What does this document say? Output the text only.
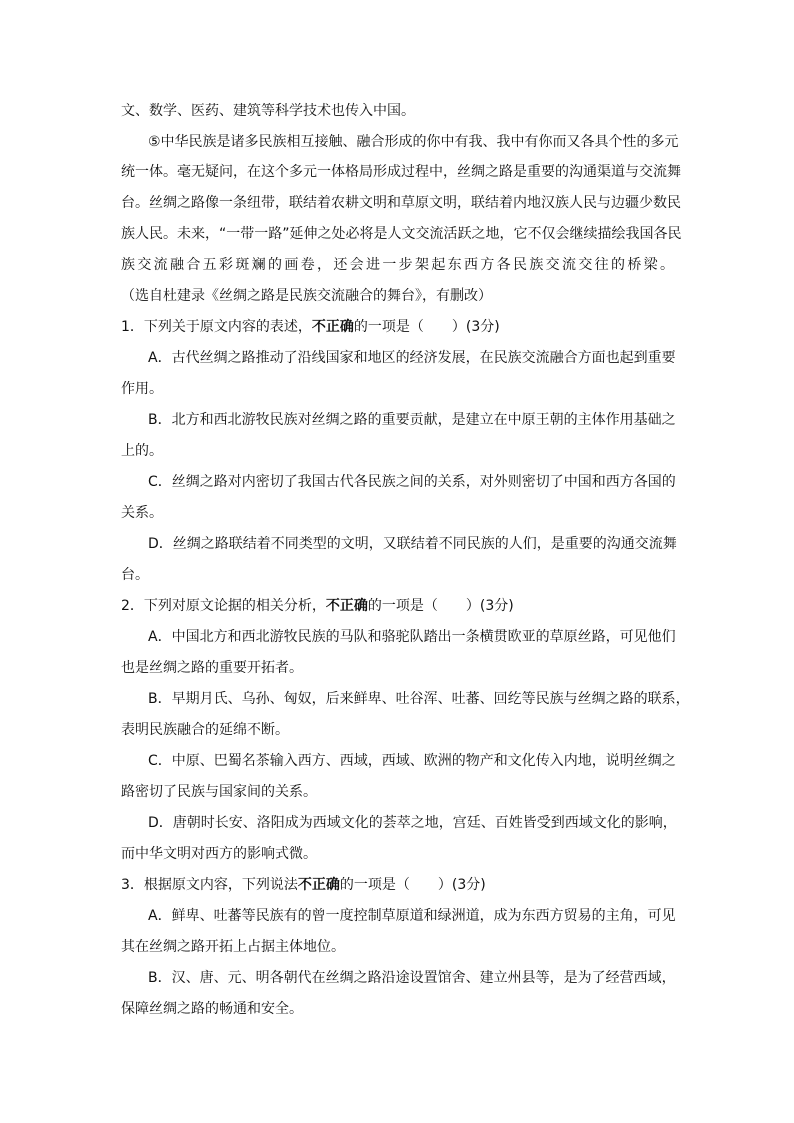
文、数学、医药、建筑等科学技术也传入中国。
⑤中华民族是诸多民族相互接触、融合形成的你中有我、我中有你而又各具个性的多元
统一体。毫无疑问，在这个多元一体格局形成过程中，丝绸之路是重要的沟通渠道与交流舞
台。丝绸之路像一条纽带，联结着农耕文明和草原文明，联结着内地汉族人民与边疆少数民
族人民。未来，“一带一路”延伸之处必将是人文交流活跃之地，它不仅会继续描绘我国各民
族交流融合五彩斑斓的画卷，还会进一步架起东西方各民族交流交往的桥梁。
（选自杜建录《丝绸之路是民族交流融合的舞台》，有删改）
1．下列关于原文内容的表述，不正确的一项是（　　）(3分)
A．古代丝绸之路推动了沿线国家和地区的经济发展，在民族交流融合方面也起到重要
作用。
B．北方和西北游牧民族对丝绸之路的重要贡献，是建立在中原王朝的主体作用基础之
上的。
C．丝绸之路对内密切了我国古代各民族之间的关系，对外则密切了中国和西方各国的
关系。
D．丝绸之路联结着不同类型的文明，又联结着不同民族的人们，是重要的沟通交流舞
台。
2．下列对原文论据的相关分析，不正确的一项是（　　）(3分)
A．中国北方和西北游牧民族的马队和骆驼队踏出一条横贯欧亚的草原丝路，可见他们
也是丝绸之路的重要开拓者。
B．早期月氏、乌孙、匈奴，后来鲜卑、吐谷浑、吐蕃、回纥等民族与丝绸之路的联系，
表明民族融合的延绵不断。
C．中原、巴蜀名茶输入西方、西域，西域、欧洲的物产和文化传入内地，说明丝绸之
路密切了民族与国家间的关系。
D．唐朝时长安、洛阳成为西域文化的荟萃之地，宫廷、百姓皆受到西域文化的影响，
而中华文明对西方的影响式微。
3．根据原文内容，下列说法不正确的一项是（　　）(3分)
A．鲜卑、吐蕃等民族有的曾一度控制草原道和绿洲道，成为东西方贸易的主角，可见
其在丝绸之路开拓上占据主体地位。
B．汉、唐、元、明各朝代在丝绸之路沿途设置馆舍、建立州县等，是为了经营西域，
保障丝绸之路的畅通和安全。
